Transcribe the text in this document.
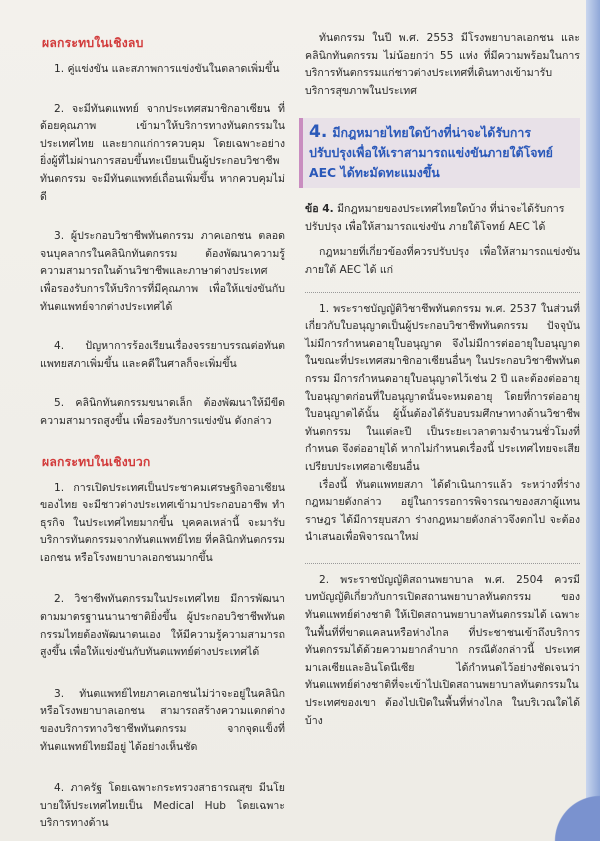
ผลกระทบในเชิงลบ
1. คู่แข่งขัน และสภาพการแข่งขันในตลาดเพิ่มขึ้น
2. จะมีทันตแพทย์ จากประเทศสมาชิกอาเซียน ที่ด้อยคุณภาพ เข้ามาให้บริการทางทันตกรรมในประเทศไทย และยากแก่การควบคุม โดยเฉพาะอย่างยิ่งผู้ที่ไม่ผ่านการสอบขึ้นทะเบียนเป็นผู้ประกอบวิชาชีพทันตกรรม จะมีทันตแพทย์เถื่อนเพิ่มขึ้น หากควบคุมไม่ดี
3. ผู้ประกอบวิชาชีพทันตกรรม ภาคเอกชน ตลอดจนบุคลากรในคลินิกทันตกรรม ต้องพัฒนาความรู้ ความสามารถในด้านวิชาชีพและภาษาต่างประเทศ เพื่อรองรับการให้บริการที่มีคุณภาพ เพื่อให้แข่งขันกับทันตแพทย์จากต่างประเทศได้
4. ปัญหาการร้องเรียนเรื่องจรรยาบรรณต่อทันตแพทยสภาเพิ่มขึ้น และคดีในศาลก็จะเพิ่มขึ้น
5. คลินิกทันตกรรมขนาดเล็ก ต้องพัฒนาให้มีขีดความสามารถสูงขึ้น เพื่อรองรับการแข่งขัน ดังกล่าว
ผลกระทบในเชิงบวก
1. การเปิดประเทศเป็นประชาคมเศรษฐกิจอาเซียนของไทย จะมีชาวต่างประเทศเข้ามาประกอบอาชีพ ทำธุรกิจ ในประเทศไทยมากขึ้น บุคคลเหล่านี้ จะมารับบริการทันตกรรมจากทันตแพทย์ไทย ที่คลินิกทันตกรรมเอกชน หรือโรงพยาบาลเอกชนมากขึ้น
2. วิชาชีพทันตกรรมในประเทศไทย มีการพัฒนาตามมาตรฐานนานาชาติยิ่งขึ้น ผู้ประกอบวิชาชีพทันตกรรมไทยต้องพัฒนาตนเอง ให้มีความรู้ความสามารถสูงขึ้น เพื่อให้แข่งขันกับทันตแพทย์ต่างประเทศได้
3. ทันตแพทย์ไทยภาคเอกชนไม่ว่าจะอยู่ในคลินิกหรือโรงพยาบาลเอกชน สามารถสร้างความแตกต่างของบริการทางวิชาชีพทันตกรรม จากจุดแข็งที่ทันตแพทย์ไทยมีอยู่ ได้อย่างเห็นชัด
4. ภาครัฐ โดยเฉพาะกระทรวงสาธารณสุข มีนโยบายให้ประเทศไทยเป็น Medical Hub โดยเฉพาะบริการทางด้าน
ทันตกรรม ในปี พ.ศ. 2553 มีโรงพยาบาลเอกชน และคลินิกทันตกรรม ไม่น้อยกว่า 55 แห่ง ที่มีความพร้อมในการบริการทันตกรรมแก่ชาวต่างประเทศที่เดินทางเข้ามารับบริการสุขภาพในประเทศ
4. มีกฎหมายไทยใดบ้างที่น่าจะได้รับการปรับปรุงเพื่อให้เราสามารถแข่งขันภายใต้โจทย์ AEC ได้ทะมัดทะแมงขึ้น
ข้อ 4. มีกฎหมายของประเทศไทยใดบ้าง ที่น่าจะได้รับการปรับปรุง เพื่อให้สามารถแข่งขัน ภายใต้โจทย์ AEC ได้
กฎหมายที่เกี่ยวข้องที่ควรปรับปรุง เพื่อให้สามารถแข่งขันภายใต้ AEC ได้ แก่
1. พระราชบัญญัติวิชาชีพทันตกรรม พ.ศ. 2537 ในส่วนที่เกี่ยวกับใบอนุญาตเป็นผู้ประกอบวิชาชีพทันตกรรม ปัจจุบันไม่มีการกำหนดอายุใบอนุญาต จึงไม่มีการต่ออายุใบอนุญาต ในขณะที่ประเทศสมาชิกอาเซียนอื่นๆ ในประกอบวิชาชีพทันตกรรม มีการกำหนดอายุใบอนุญาตไว้เช่น 2 ปี และต้องต่ออายุใบอนุญาตก่อนที่ใบอนุญาตนั้นจะหมดอายุ โดยที่การต่ออายุใบอนุญาตได้นั้น ผู้นั้นต้องได้รับอบรมศึกษาทางด้านวิชาชีพทันตกรรม ในแต่ละปี เป็นระยะเวลาตามจำนวนชั่วโมงที่กำหนด จึงต่ออายุได้ หากไม่กำหนดเรื่องนี้ ประเทศไทยจะเสียเปรียบประเทศอาเซียนอื่น
เรื่องนี้ ทันตแพทยสภา ได้ดำเนินการแล้ว ระหว่างที่ร่างกฎหมายดังกล่าว อยู่ในการรอการพิจารณาของสภาผู้แทนราษฎร ได้มีการยุบสภา ร่างกฎหมายดังกล่าวจึงตกไป จะต้องนำเสนอเพื่อพิจารณาใหม่
2. พระราชบัญญัติสถานพยาบาล พ.ศ. 2504 ควรมีบทบัญญัติเกี่ยวกับการเปิดสถานพยาบาลทันตกรรม ของทันตแพทย์ต่างชาติ ให้เปิดสถานพยาบาลทันตกรรมได้ เฉพาะในพื้นที่ที่ขาดแคลนหรือห่างไกล ที่ประชาชนเข้าถึงบริการทันตกรรมได้ด้วยความยากลำบาก กรณีดังกล่าวนี้ ประเทศมาเลเซียและอินโดนีเซีย ได้กำหนดไว้อย่างชัดเจนว่า ทันตแพทย์ต่างชาติที่จะเข้าไปเปิดสถานพยาบาลทันตกรรมในประเทศของเขา ต้องไปเปิดในพื้นที่ห่างไกล ในบริเวณใดได้บ้าง
